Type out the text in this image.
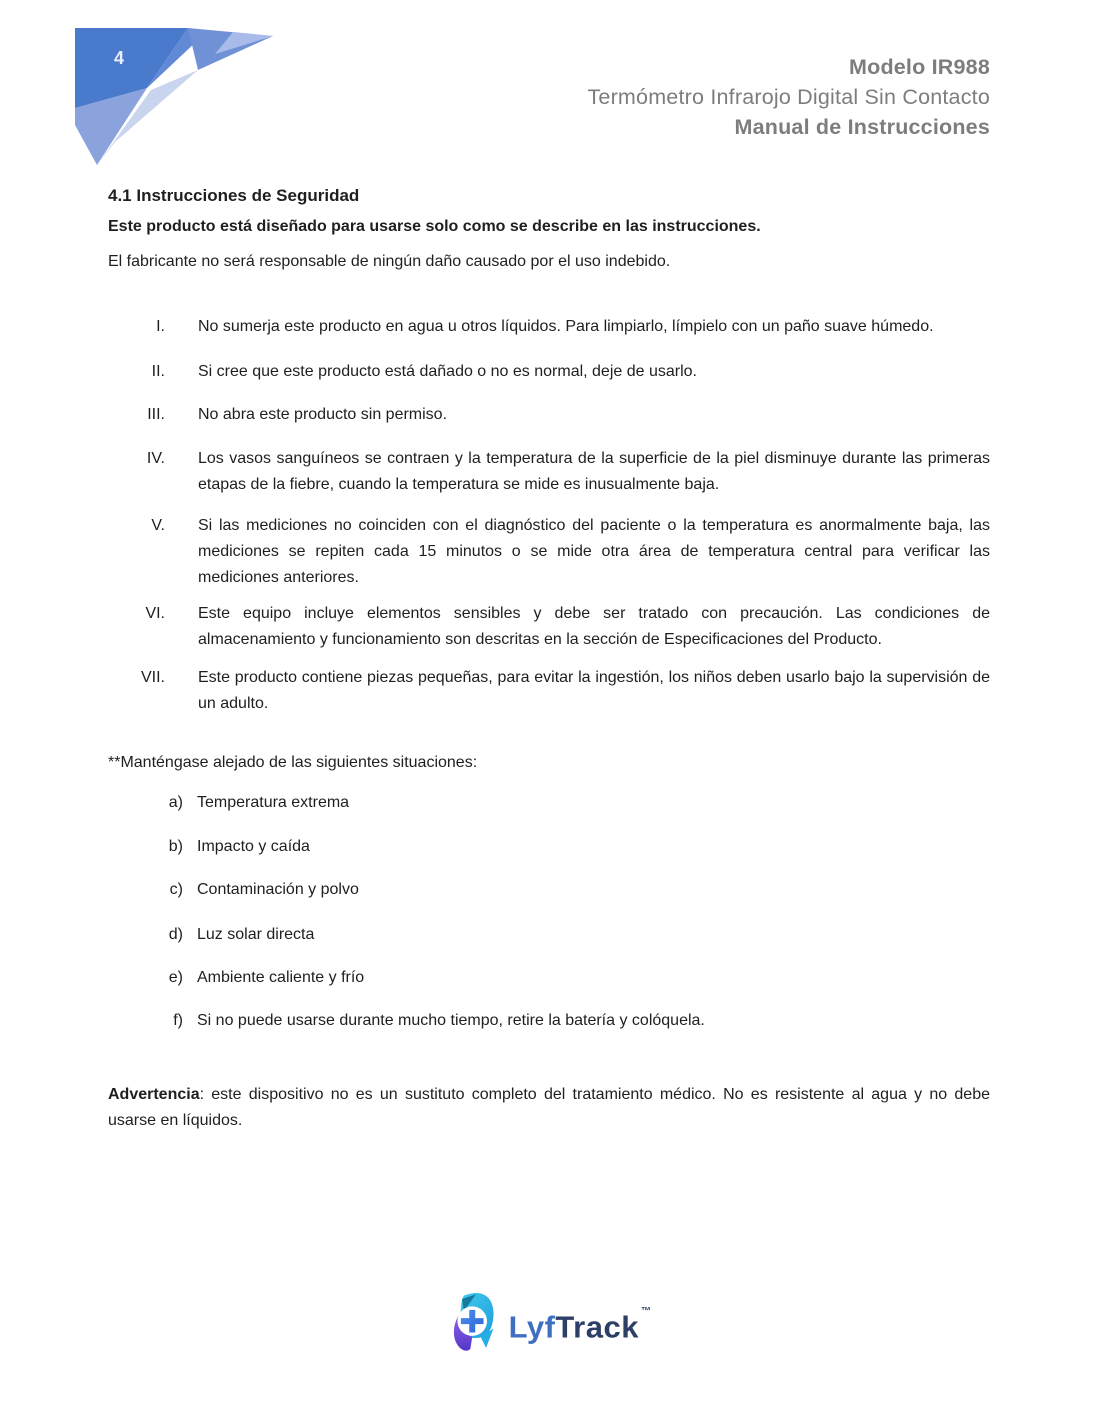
4	Modelo IR988
Termómetro Infrarojo Digital Sin Contacto
Manual de Instrucciones
4.1 Instrucciones de Seguridad

Este producto está diseñado para usarse solo como se describe en las instrucciones.

El fabricante no será responsable de ningún daño causado por el uso indebido.

I. No sumerja este producto en agua u otros líquidos. Para limpiarlo, límpielo con un paño suave húmedo.
II. Si cree que este producto está dañado o no es normal, deje de usarlo.
III. No abra este producto sin permiso.
IV. Los vasos sanguíneos se contraen y la temperatura de la superficie de la piel disminuye durante las primeras etapas de la fiebre, cuando la temperatura se mide es inusualmente baja.
V. Si las mediciones no coinciden con el diagnóstico del paciente o la temperatura es anormalmente baja, las mediciones se repiten cada 15 minutos o se mide otra área de temperatura central para verificar las mediciones anteriores.
VI. Este equipo incluye elementos sensibles y debe ser tratado con precaución. Las condiciones de almacenamiento y funcionamiento son descritas en la sección de Especificaciones del Producto.
VII. Este producto contiene piezas pequeñas, para evitar la ingestión, los niños deben usarlo bajo la supervisión de un adulto.

**Manténgase alejado de las siguientes situaciones:

a) Temperatura extrema
b) Impacto y caída
c) Contaminación y polvo
d) Luz solar directa
e) Ambiente caliente y frío
f) Si no puede usarse durante mucho tiempo, retire la batería y colóquela.

Advertencia: este dispositivo no es un sustituto completo del tratamiento médico. No es resistente al agua y no debe usarse en líquidos.

LyfTrack ™
